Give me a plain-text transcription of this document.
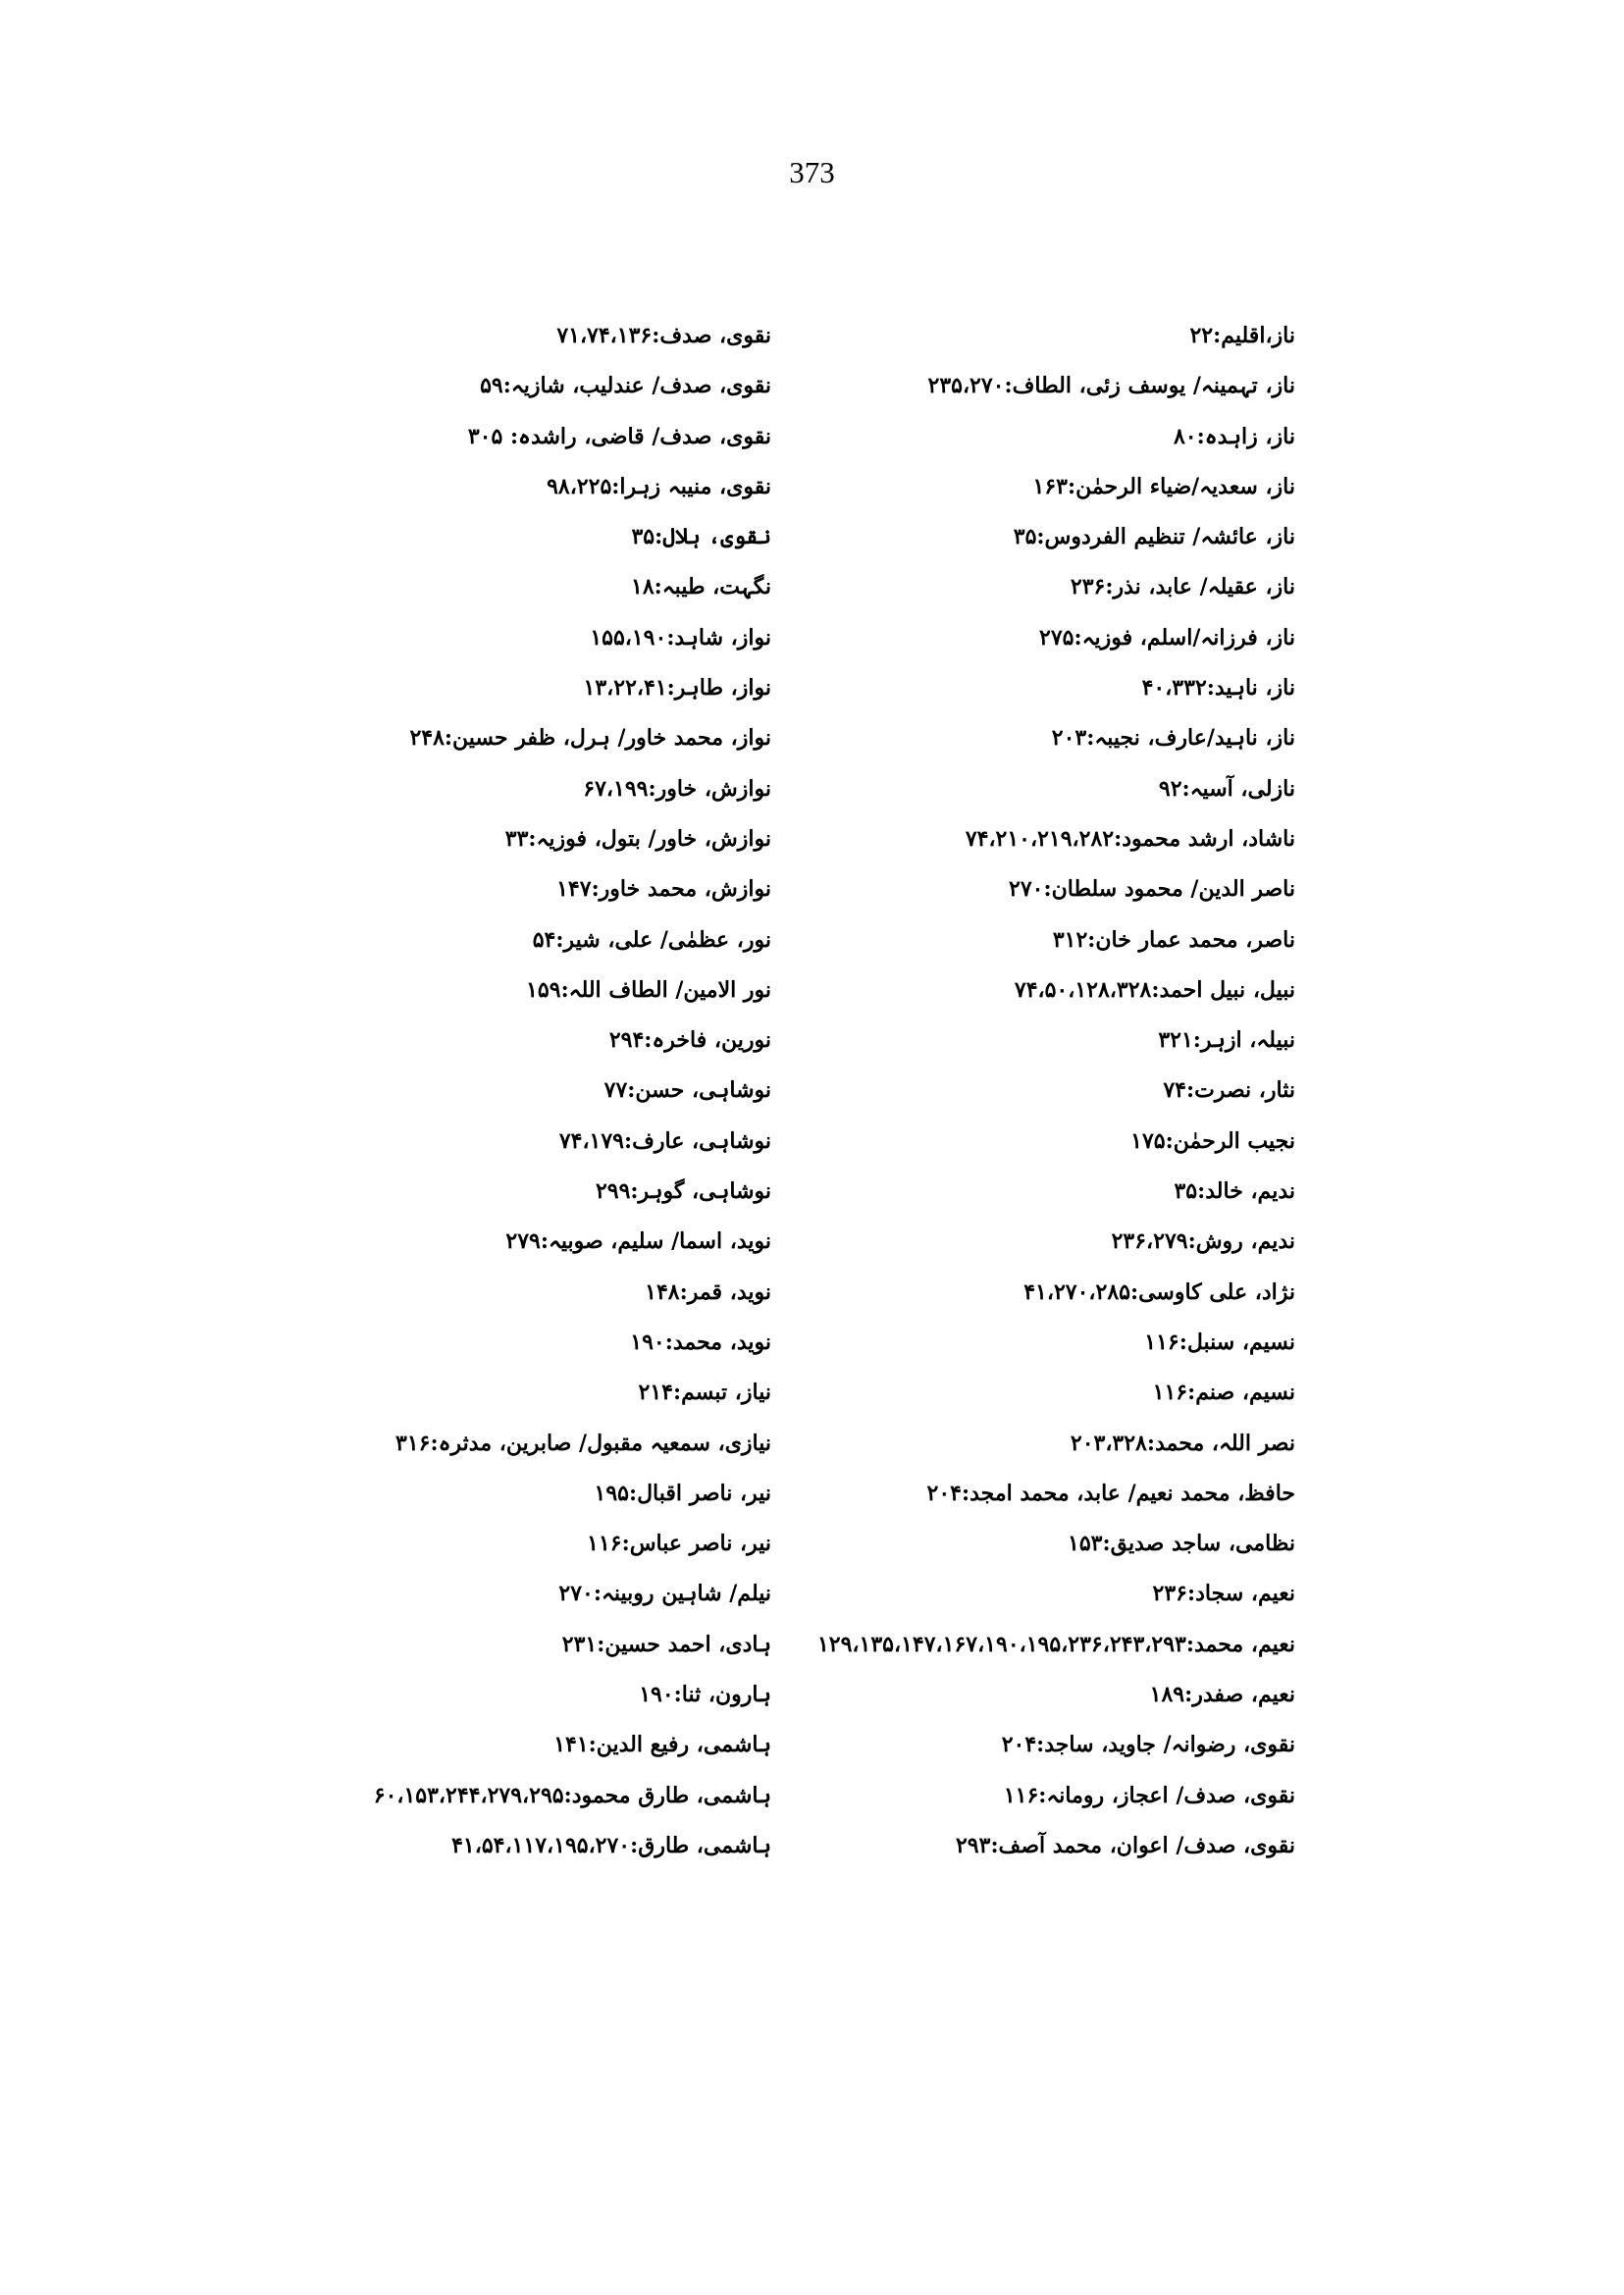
373
ناز،اقلیم:۲۲
ناز، تہمینہ/ یوسف زئی، الطاف:۲۳۵،۲۷۰
ناز، زاہدہ:۸۰
ناز، سعدیہ/ضیاء الرحمٰن:۱۶۳
ناز، عائشہ/ تنظیم الفردوس:۳۵
ناز، عقیلہ/ عابد، نذر:۲۳۶
ناز، فرزانہ/اسلم، فوزیہ:۲۷۵
ناز، ناہید:۴۰،۳۳۲
ناز، ناہید/عارف، نجیبہ:۲۰۳
نازلی، آسیہ:۹۲
ناشاد، ارشد محمود:۷۴،۲۱۰،۲۱۹،۲۸۲
ناصر الدین/ محمود سلطان:۲۷۰
ناصر، محمد عمار خان:۳۱۲
نبیل، نبیل احمد:۷۴،۵۰،۱۲۸،۳۲۸
نبیلہ، ازہر:۳۲۱
نثار، نصرت:۷۴
نجیب الرحمٰن:۱۷۵
ندیم، خالد:۳۵
ندیم، روش:۲۳۶،۲۷۹
نژاد، علی کاوسی:۴۱،۲۷۰،۲۸۵
نسیم، سنبل:۱۱۶
نسیم، صنم:۱۱۶
نصر اللہ، محمد:۲۰۳،۳۲۸
حافظ، محمد نعیم/ عابد، محمد امجد:۲۰۴
نظامی، ساجد صدیق:۱۵۳
نعیم، سجاد:۲۳۶
نعیم، محمد:۱۲۹،۱۳۵،۱۴۷،۱۶۷،۱۹۰،۱۹۵،۲۳۶،۲۴۳،۲۹۳
نعیم، صفدر:۱۸۹
نقوی، رضوانہ/ جاوید، ساجد:۲۰۴
نقوی، صدف/ اعجاز، رومانہ:۱۱۶
نقوی، صدف/ اعوان، محمد آصف:۲۹۳
نقوی، صدف:۷۱،۷۴،۱۳۶
نقوی، صدف/ عندلیب، شازیہ:۵۹
نقوی، صدف/ قاضی، راشدہ: ۳۰۵
نقوی، منیبہ زہرا:۹۸،۲۲۵
نقوی، ہلال:۳۵
نگہت، طیبہ:۱۸
نواز، شاہد:۱۵۵،۱۹۰
نواز، طاہر:۱۳،۲۲،۴۱
نواز، محمد خاور/ ہرل، ظفر حسین:۲۴۸
نوازش، خاور:۶۷،۱۹۹
نوازش، خاور/ بتول، فوزیہ:۳۳
نوازش، محمد خاور:۱۴۷
نور، عظمٰی/ علی، شیر:۵۴
نور الامین/ الطاف اللہ:۱۵۹
نورین، فاخرہ:۲۹۴
نوشاہی، حسن:۷۷
نوشاہی، عارف:۷۴،۱۷۹
نوشاہی، گوہر:۲۹۹
نوید، اسما/ سلیم، صوبیہ:۲۷۹
نوید، قمر:۱۴۸
نوید، محمد:۱۹۰
نیاز، تبسم:۲۱۴
نیازی، سمعیہ مقبول/ صابرین، مدثرہ:۳۱۶
نیر، ناصر اقبال:۱۹۵
نیر، ناصر عباس:۱۱۶
نیلم/ شاہین روبینہ:۲۷۰
ہادی، احمد حسین:۲۳۱
ہارون، ثنا:۱۹۰
ہاشمی، رفیع الدین:۱۴۱
ہاشمی، طارق محمود:۶۰،۱۵۳،۲۴۴،۲۷۹،۲۹۵
ہاشمی، طارق:۴۱،۵۴،۱۱۷،۱۹۵،۲۷۰
